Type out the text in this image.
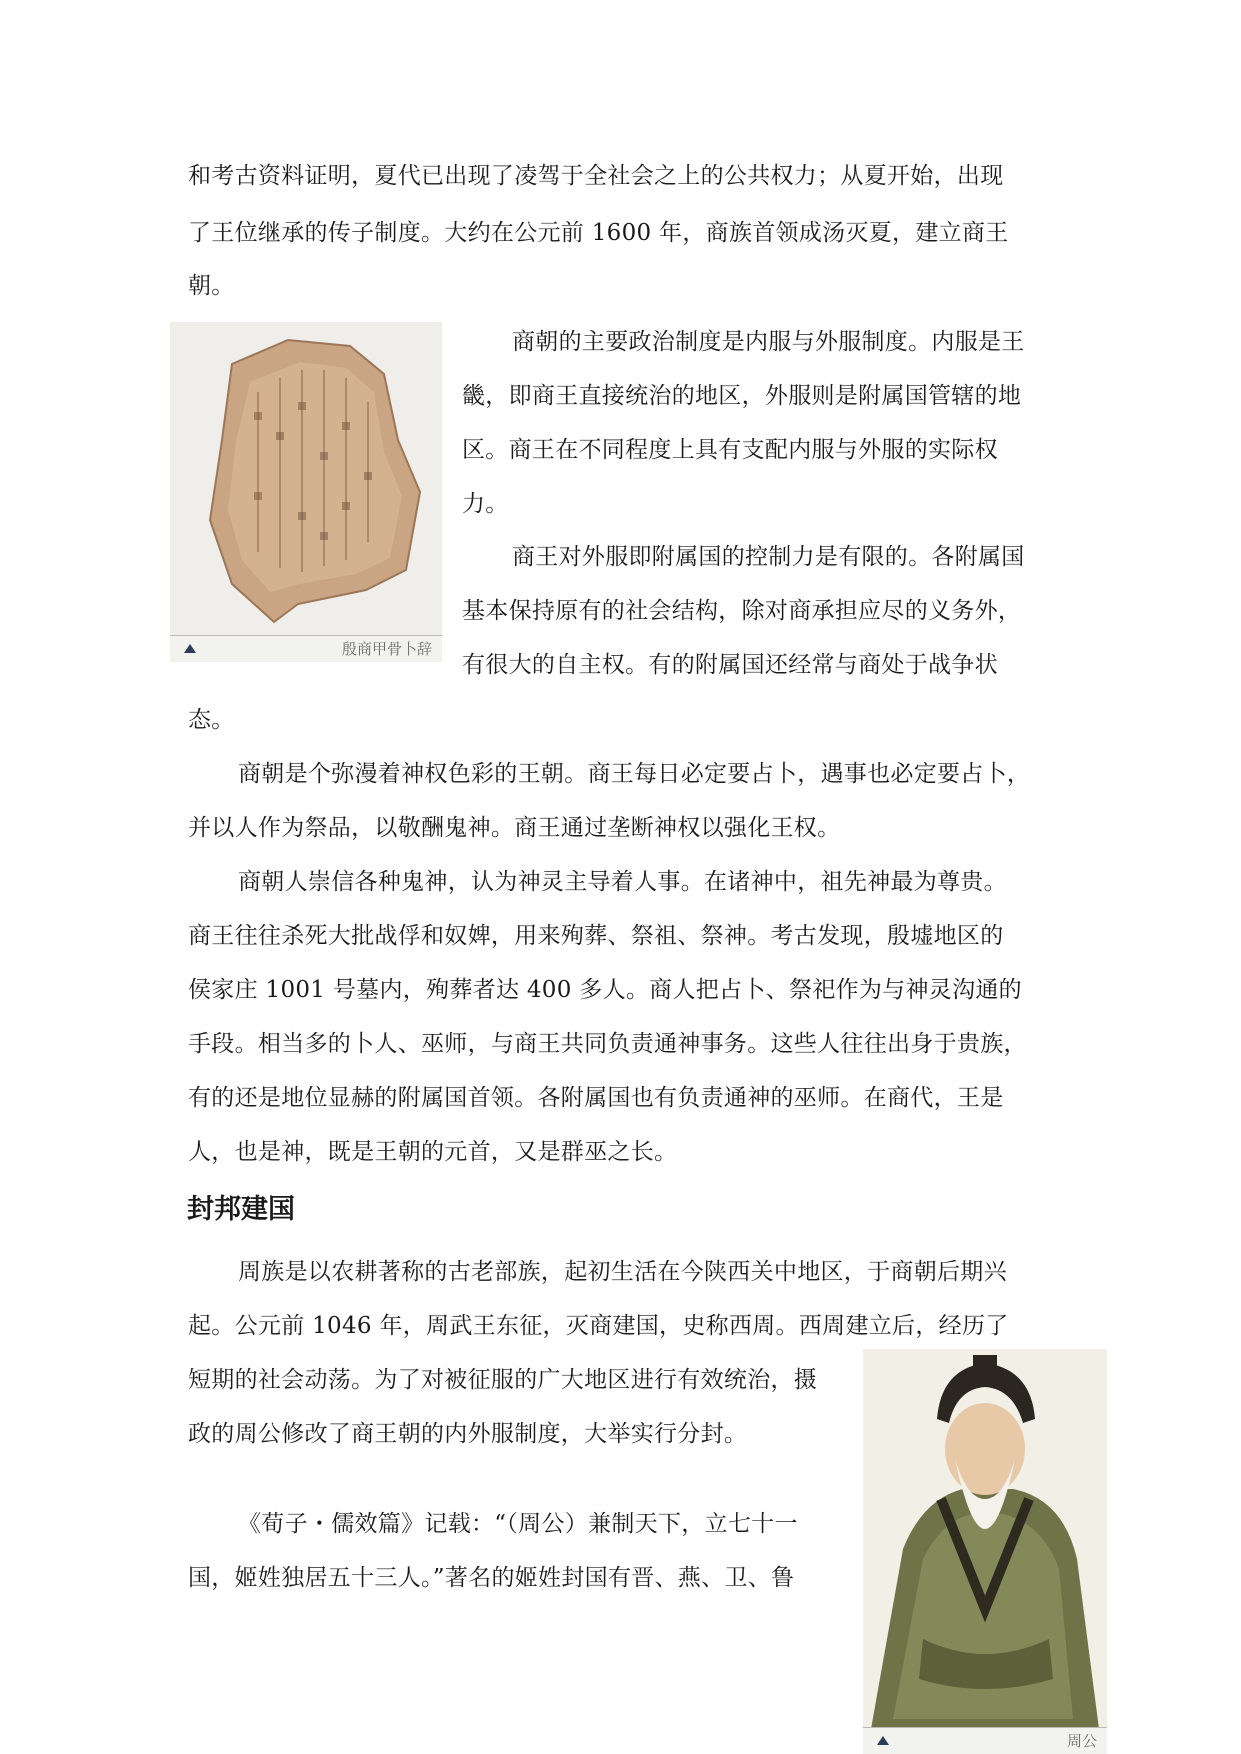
和考古资料证明，夏代已出现了凌驾于全社会之上的公共权力；从夏开始，出现
了王位继承的传子制度。大约在公元前 1600 年，商族首领成汤灭夏，建立商王
朝。
殷商甲骨卜辞
商朝的主要政治制度是内服与外服制度。内服是王
畿，即商王直接统治的地区，外服则是附属国管辖的地
区。商王在不同程度上具有支配内服与外服的实际权
力。
商王对外服即附属国的控制力是有限的。各附属国
基本保持原有的社会结构，除对商承担应尽的义务外，
有很大的自主权。有的附属国还经常与商处于战争状
态。
商朝是个弥漫着神权色彩的王朝。商王每日必定要占卜，遇事也必定要占卜，
并以人作为祭品，以敬酬鬼神。商王通过垄断神权以强化王权。
商朝人崇信各种鬼神，认为神灵主导着人事。在诸神中，祖先神最为尊贵。
商王往往杀死大批战俘和奴婢，用来殉葬、祭祖、祭神。考古发现，殷墟地区的
侯家庄 1001 号墓内，殉葬者达 400 多人。商人把占卜、祭祀作为与神灵沟通的
手段。相当多的卜人、巫师，与商王共同负责通神事务。这些人往往出身于贵族，
有的还是地位显赫的附属国首领。各附属国也有负责通神的巫师。在商代，王是
人，也是神，既是王朝的元首，又是群巫之长。
封邦建国
周族是以农耕著称的古老部族，起初生活在今陕西关中地区，于商朝后期兴
起。公元前 1046 年，周武王东征，灭商建国，史称西周。西周建立后，经历了
短期的社会动荡。为了对被征服的广大地区进行有效统治，摄
政的周公修改了商王朝的内外服制度，大举实行分封。
《荀子・儒效篇》记载：“（周公）兼制天下，立七十一
国，姬姓独居五十三人。”著名的姬姓封国有晋、燕、卫、鲁
周公
